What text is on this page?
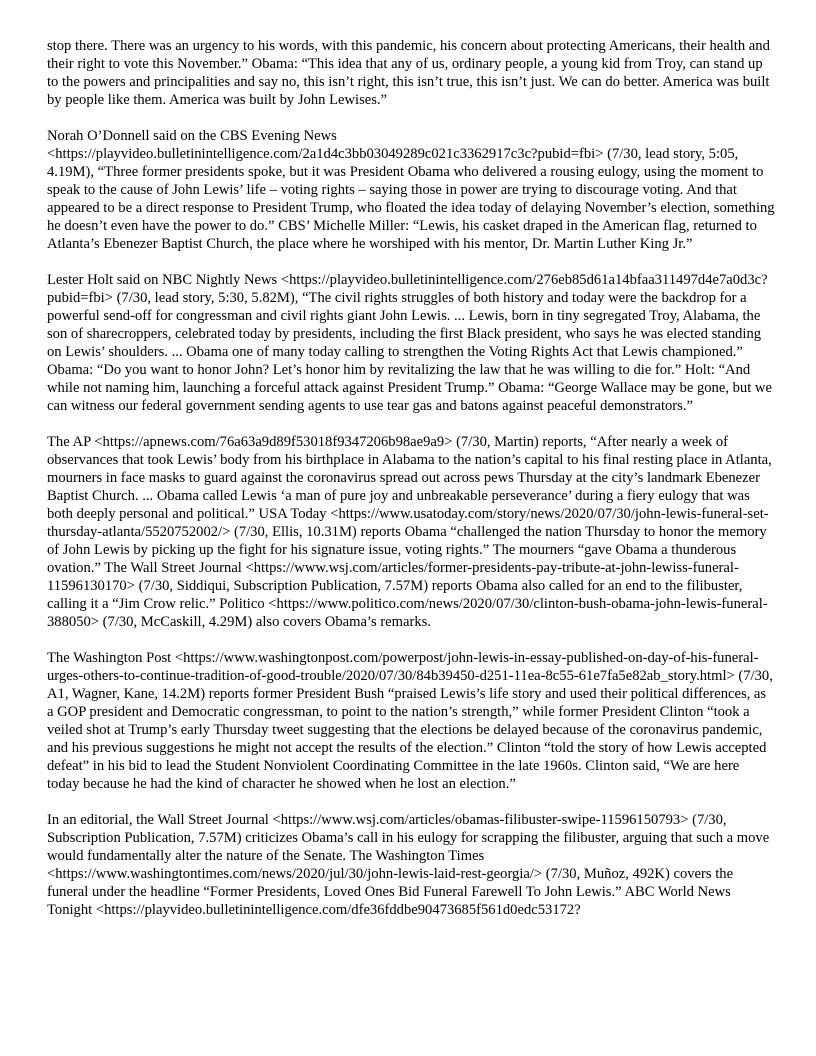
stop there. There was an urgency to his words, with this pandemic, his concern about protecting Americans, their health and their right to vote this November.” Obama: “This idea that any of us, ordinary people, a young kid from Troy, can stand up to the powers and principalities and say no, this isn’t right, this isn’t true, this isn’t just. We can do better. America was built by people like them. America was built by John Lewises.”

Norah O’Donnell said on the CBS Evening News <https://playvideo.bulletinintelligence.com/2a1d4c3bb03049289c021c3362917c3c?pubid=fbi> (7/30, lead story, 5:05, 4.19M), “Three former presidents spoke, but it was President Obama who delivered a rousing eulogy, using the moment to speak to the cause of John Lewis’ life – voting rights – saying those in power are trying to discourage voting. And that appeared to be a direct response to President Trump, who floated the idea today of delaying November’s election, something he doesn’t even have the power to do.” CBS’ Michelle Miller: “Lewis, his casket draped in the American flag, returned to Atlanta’s Ebenezer Baptist Church, the place where he worshiped with his mentor, Dr. Martin Luther King Jr.”

Lester Holt said on NBC Nightly News <https://playvideo.bulletinintelligence.com/276eb85d61a14bfaa311497d4e7a0d3c?pubid=fbi> (7/30, lead story, 5:30, 5.82M), “The civil rights struggles of both history and today were the backdrop for a powerful send-off for congressman and civil rights giant John Lewis. ... Lewis, born in tiny segregated Troy, Alabama, the son of sharecroppers, celebrated today by presidents, including the first Black president, who says he was elected standing on Lewis’ shoulders. ... Obama one of many today calling to strengthen the Voting Rights Act that Lewis championed.” Obama: “Do you want to honor John? Let’s honor him by revitalizing the law that he was willing to die for.” Holt: “And while not naming him, launching a forceful attack against President Trump.” Obama: “George Wallace may be gone, but we can witness our federal government sending agents to use tear gas and batons against peaceful demonstrators.”

The AP <https://apnews.com/76a63a9d89f53018f9347206b98ae9a9> (7/30, Martin) reports, “After nearly a week of observances that took Lewis’ body from his birthplace in Alabama to the nation’s capital to his final resting place in Atlanta, mourners in face masks to guard against the coronavirus spread out across pews Thursday at the city’s landmark Ebenezer Baptist Church. ... Obama called Lewis ‘a man of pure joy and unbreakable perseverance’ during a fiery eulogy that was both deeply personal and political.” USA Today <https://www.usatoday.com/story/news/2020/07/30/john-lewis-funeral-set-thursday-atlanta/5520752002/> (7/30, Ellis, 10.31M) reports Obama “challenged the nation Thursday to honor the memory of John Lewis by picking up the fight for his signature issue, voting rights.” The mourners “gave Obama a thunderous ovation.” The Wall Street Journal <https://www.wsj.com/articles/former-presidents-pay-tribute-at-john-lewiss-funeral-11596130170> (7/30, Siddiqui, Subscription Publication, 7.57M) reports Obama also called for an end to the filibuster, calling it a “Jim Crow relic.” Politico <https://www.politico.com/news/2020/07/30/clinton-bush-obama-john-lewis-funeral-388050> (7/30, McCaskill, 4.29M) also covers Obama’s remarks.

The Washington Post <https://www.washingtonpost.com/powerpost/john-lewis-in-essay-published-on-day-of-his-funeral-urges-others-to-continue-tradition-of-good-trouble/2020/07/30/84b39450-d251-11ea-8c55-61e7fa5e82ab_story.html> (7/30, A1, Wagner, Kane, 14.2M) reports former President Bush “praised Lewis’s life story and used their political differences, as a GOP president and Democratic congressman, to point to the nation’s strength,” while former President Clinton “took a veiled shot at Trump’s early Thursday tweet suggesting that the elections be delayed because of the coronavirus pandemic, and his previous suggestions he might not accept the results of the election.” Clinton “told the story of how Lewis accepted defeat” in his bid to lead the Student Nonviolent Coordinating Committee in the late 1960s. Clinton said, “We are here today because he had the kind of character he showed when he lost an election.”

In an editorial, the Wall Street Journal <https://www.wsj.com/articles/obamas-filibuster-swipe-11596150793> (7/30, Subscription Publication, 7.57M) criticizes Obama’s call in his eulogy for scrapping the filibuster, arguing that such a move would fundamentally alter the nature of the Senate. The Washington Times <https://www.washingtontimes.com/news/2020/jul/30/john-lewis-laid-rest-georgia/> (7/30, Muñoz, 492K) covers the funeral under the headline “Former Presidents, Loved Ones Bid Funeral Farewell To John Lewis.” ABC World News Tonight <https://playvideo.bulletinintelligence.com/dfe36fddbe90473685f561d0edc53172?
